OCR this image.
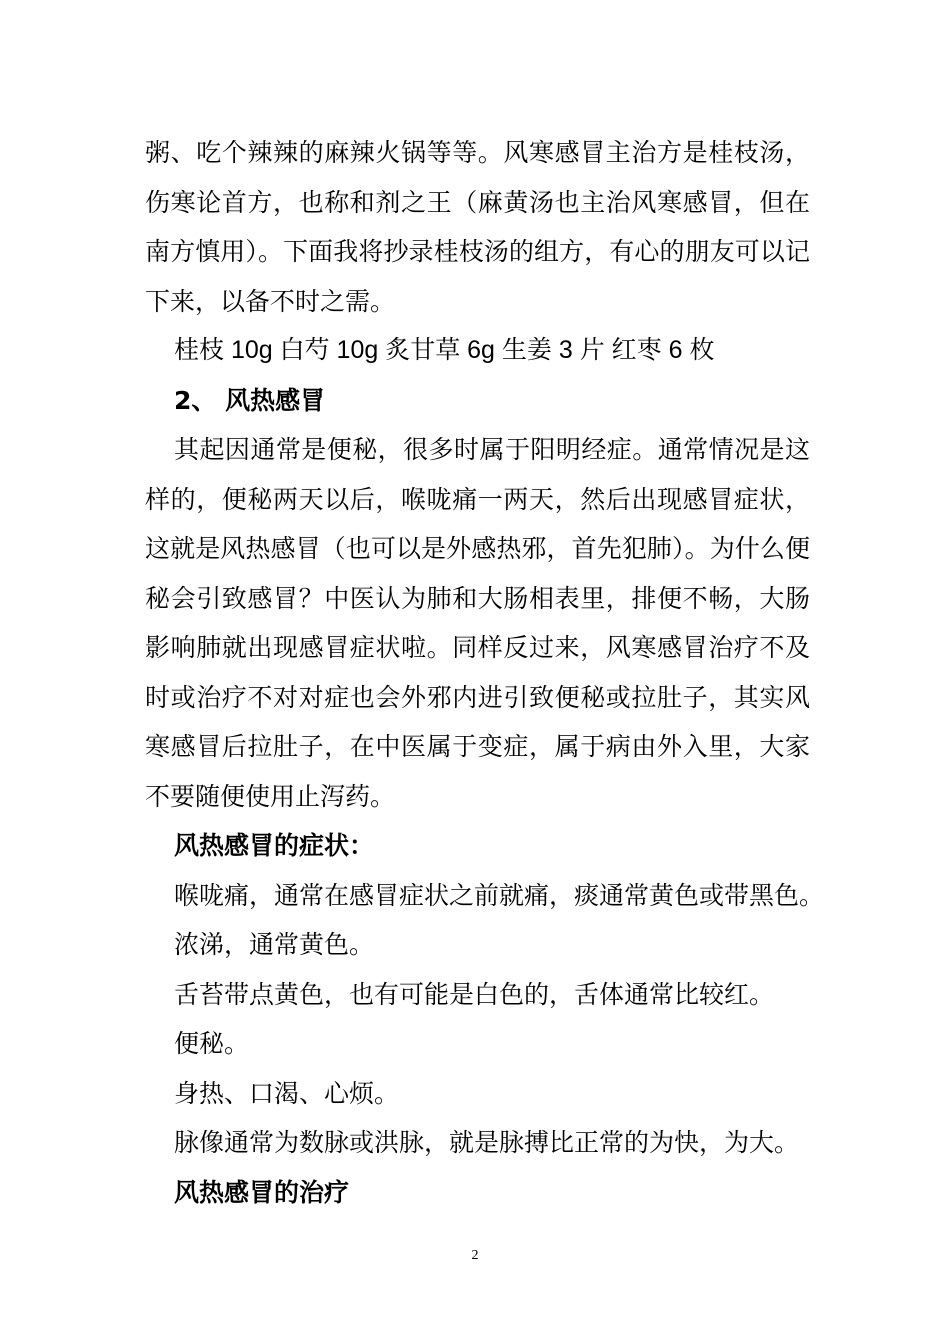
粥、吃个辣辣的麻辣火锅等等。风寒感冒主治方是桂枝汤，伤寒论首方，也称和剂之王（麻黄汤也主治风寒感冒，但在南方慎用）。下面我将抄录桂枝汤的组方，有心的朋友可以记下来，以备不时之需。

桂枝 10g 白芍 10g 炙甘草 6g 生姜 3 片 红枣 6 枚

2、 风热感冒

其起因通常是便秘，很多时属于阳明经症。通常情况是这样的，便秘两天以后，喉咙痛一两天，然后出现感冒症状，这就是风热感冒（也可以是外感热邪，首先犯肺）。为什么便秘会引致感冒？中医认为肺和大肠相表里，排便不畅，大肠影响肺就出现感冒症状啦。同样反过来，风寒感冒治疗不及时或治疗不对对症也会外邪内进引致便秘或拉肚子，其实风寒感冒后拉肚子，在中医属于变症，属于病由外入里，大家不要随便使用止泻药。

风热感冒的症状：

喉咙痛，通常在感冒症状之前就痛，痰通常黄色或带黑色。

浓涕，通常黄色。

舌苔带点黄色，也有可能是白色的，舌体通常比较红。

便秘。

身热、口渴、心烦。

脉像通常为数脉或洪脉，就是脉搏比正常的为快，为大。

风热感冒的治疗

2
